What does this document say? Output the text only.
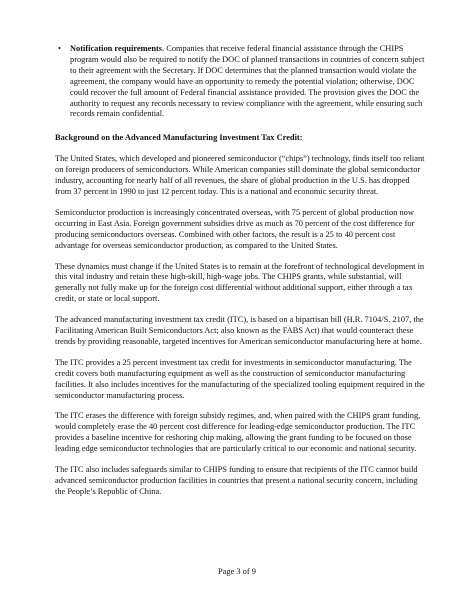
• Notification requirements. Companies that receive federal financial assistance through the CHIPS program would also be required to notify the DOC of planned transactions in countries of concern subject to their agreement with the Secretary. If DOC determines that the planned transaction would violate the agreement, the company would have an opportunity to remedy the potential violation; otherwise, DOC could recover the full amount of Federal financial assistance provided. The provision gives the DOC the authority to request any records necessary to review compliance with the agreement, while ensuring such records remain confidential.
Background on the Advanced Manufacturing Investment Tax Credit:
The United States, which developed and pioneered semiconductor (“chips”) technology, finds itself too reliant on foreign producers of semiconductors. While American companies still dominate the global semiconductor industry, accounting for nearly half of all revenues, the share of global production in the U.S. has dropped from 37 percent in 1990 to just 12 percent today. This is a national and economic security threat.
Semiconductor production is increasingly concentrated overseas, with 75 percent of global production now occurring in East Asia. Foreign government subsidies drive as much as 70 percent of the cost difference for producing semiconductors overseas. Combined with other factors, the result is a 25 to 40 percent cost advantage for overseas semiconductor production, as compared to the United States.
These dynamics must change if the United States is to remain at the forefront of technological development in this vital industry and retain these high-skill, high-wage jobs. The CHIPS grants, while substantial, will generally not fully make up for the foreign cost differential without additional support, either through a tax credit, or state or local support.
The advanced manufacturing investment tax credit (ITC), is based on a bipartisan bill (H.R. 7104/S. 2107, the Facilitating American Built Semiconductors Act; also known as the FABS Act) that would counteract these trends by providing reasonable, targeted incentives for American semiconductor manufacturing here at home.
The ITC provides a 25 percent investment tax credit for investments in semiconductor manufacturing. The credit covers both manufacturing equipment as well as the construction of semiconductor manufacturing facilities. It also includes incentives for the manufacturing of the specialized tooling equipment required in the semiconductor manufacturing process.
The ITC erases the difference with foreign subsidy regimes, and, when paired with the CHIPS grant funding, would completely erase the 40 percent cost difference for leading-edge semiconductor production. The ITC provides a baseline incentive for reshoring chip making, allowing the grant funding to be focused on those leading edge semiconductor technologies that are particularly critical to our economic and national security.
The ITC also includes safeguards similar to CHIPS funding to ensure that recipients of the ITC cannot build advanced semiconductor production facilities in countries that present a national security concern, including the People’s Republic of China.
Page 3 of 9
